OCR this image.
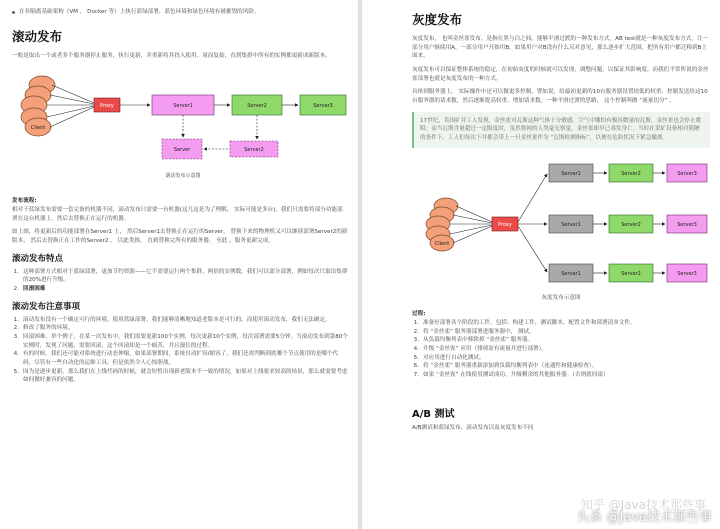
在非隔离基础架构（VM 、 Docker 等）上执行蓝绿部署，蓝色环境和绿色环境有被摧毁的风险。
滚动发布

一般是取出一个或者多个服务器停止服务，执行更新，并重新将其投入使用。周而复始，直到集群中所有的实例都更新成新版本。

Client
Proxy	Server1	Server2	Server3
Server	Server2
滚动发布示意图

发布流程:

相对于蓝绿发布需要一套完备的机器不同，滚动发布只需要一台机器(这儿这是为了理解， 实际可能是多台)，我们只需要将部分功能部署在这台机器上，然后去替换正在运行的机器。

如上图，将更新后的功能部署在Server1 上， 然后Server1去替换正在运行的Server， 替换下来的物理机又可以继续部署Server2的新版本， 然后去替换正在工作的Server2 ， 以此类推， 直到替换完所有的服务器， 至此 ，服务更新完成。

滚动发布特点
1. 这种部署方式相对于蓝绿部署，更加节约资源——它不需要运行两个集群、两倍的实例数。我们可以部分部署，例如每次只取出集群的20%进行升级。
2. 回滚困难
滚动发布注意事项
1. 滚动发布没有一个确定可行的环境。使用蓝绿部署，我们能够清晰地知道老版本是可行的，而使用滚动发布，我们无法确定。
2. 修改了服务的环境。
3. 回滚困难。举个例子，在某一次发布中，我们需要更新100个实例，每次更新10个实例，每次部署需要5分钟。当滚动发布到第80个实例时，发现了问题，需要回滚，这个回滚却是一个痛苦，并且漫长的过程。
4. 有的时候，我们还可能对系统进行动态伸缩，如果部署期间，系统自动扩容/缩容了，我们还需判断到底哪个节点使用的是哪个代码。尽管有一些自动化的运维工具，但是依然令人心惊胆战。
5. 因为是逐步更新，那么我们在上线代码的时候，就会短暂出现新老版本不一致的情况，如果对上线要求较高的场景，那么就需要考虑如何做好兼容的问题。
灰度发布

灰度发布， 也叫金丝雀发布。是指在黑与白之间，能够平滑过渡的一种发布方式。AB test就是一种灰度发布方式，让一部分用户继续用A，一部分用户开始用B，如果用户对B没有什么反对意见，那么逐步扩大范围，把所有用户都迁移到B上面来。

灰度发布可以保证整体系统的稳定，在初始灰度的时候就可以发现、调整问题，以保证其影响度。而我们平常所说的金丝雀部署也就是灰度发布的一种方式。

具体到服务器上， 实际操作中还可以做更多控制，譬如说，给最初更新的10台服务器设置较低的权重、控制发送给这10台服务器的请求数，然后逐渐提高权重、增加请求数。一种平滑过渡的思路， 这个控制叫做 “流量切分” 。

17世纪，英国矿井工人发现，金丝雀对瓦斯这种气体十分敏感。空气中哪怕有极其微量的瓦斯，金丝雀也会停止歌唱；而当瓦斯含量超过一定限度时，虽然鲁钝的人类毫无察觉，金丝雀却早已毒发身亡。当时在采矿设备相对简陋的条件下，工人们每次下井都会带上一只金丝雀作为 “瓦斯检测指标”，以便在危险状况下紧急撤离。

Client
Proxy
Server1	Server2	Server3
Server1	Server2	Server3
Server1	Server2	Server3

灰度发布示意图

过程:

1. 准备好部署各个阶段的工件，包括：构建工件，测试脚本，配置文件和部署清单文件。
2. 将 “金丝雀” 服务器部署进服务器中， 测试。
3. 从负载均衡列表中移除掉 “金丝雀” 服务器。
4. 升级 “金丝雀” 应用（排掉原有流量并进行部署）。
5. 对应用进行自动化测试。
6. 将 “金丝雀” 服务器重新添加到负载均衡列表中（连通性和健康检查）。
7. 如果 “金丝雀” 在线使用测试成功，升级剩余的其他服务器。（否则就回滚）
A/B 测试

A/B测试和蓝绿发布、滚动发布以及灰度发布不同

知乎 @Java技术那些事
头条 @Java技术那些事
